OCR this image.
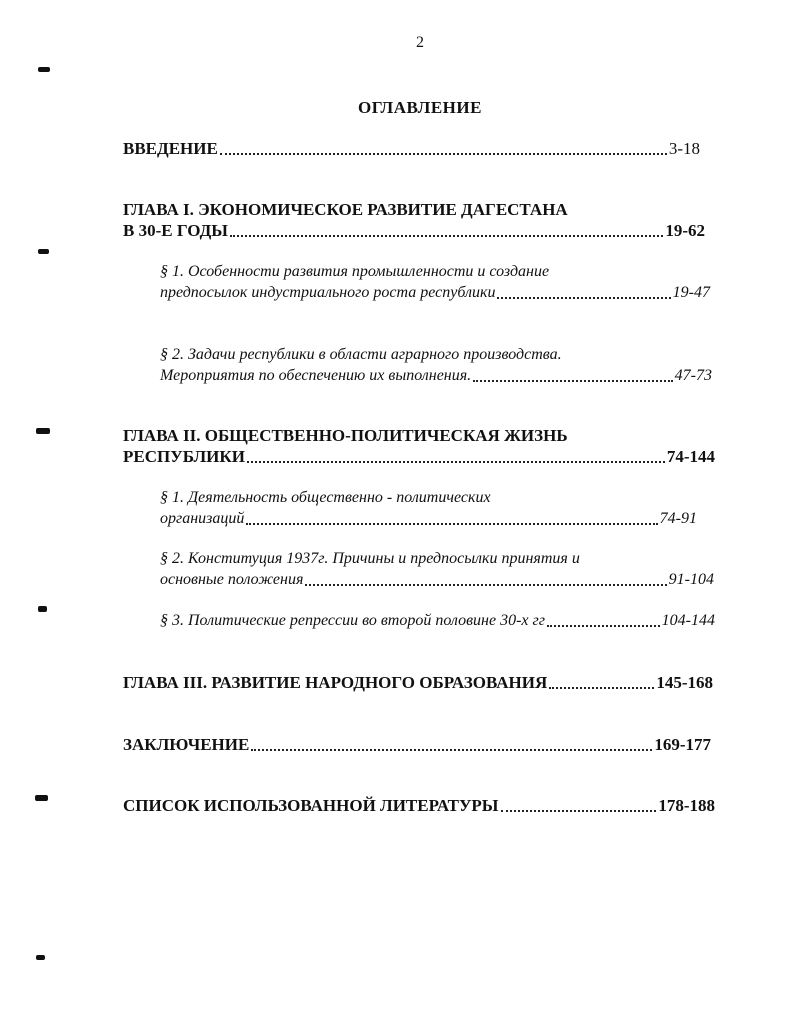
2
ОГЛАВЛЕНИЕ
ВВЕДЕНИЕ	3-18
ГЛАВА I. ЭКОНОМИЧЕСКОЕ РАЗВИТИЕ ДАГЕСТАНА
В 30-Е ГОДЫ	19-62
§ 1. Особенности развития промышленности и создание
предпосылок индустриального роста республики	19-47
§ 2. Задачи республики в области аграрного производства.
Мероприятия по обеспечению их выполнения.	47-73
ГЛАВА II. ОБЩЕСТВЕННО-ПОЛИТИЧЕСКАЯ ЖИЗНЬ
РЕСПУБЛИКИ	74-144
§ 1. Деятельность общественно - политических
организаций	74-91
§ 2. Конституция 1937г. Причины и предпосылки принятия и
основные положения	91-104
§ 3. Политические репрессии во второй половине 30-х гг	104-144
ГЛАВА III. РАЗВИТИЕ НАРОДНОГО ОБРАЗОВАНИЯ	145-168
ЗАКЛЮЧЕНИЕ	169-177
СПИСОК ИСПОЛЬЗОВАННОЙ ЛИТЕРАТУРЫ	178-188
